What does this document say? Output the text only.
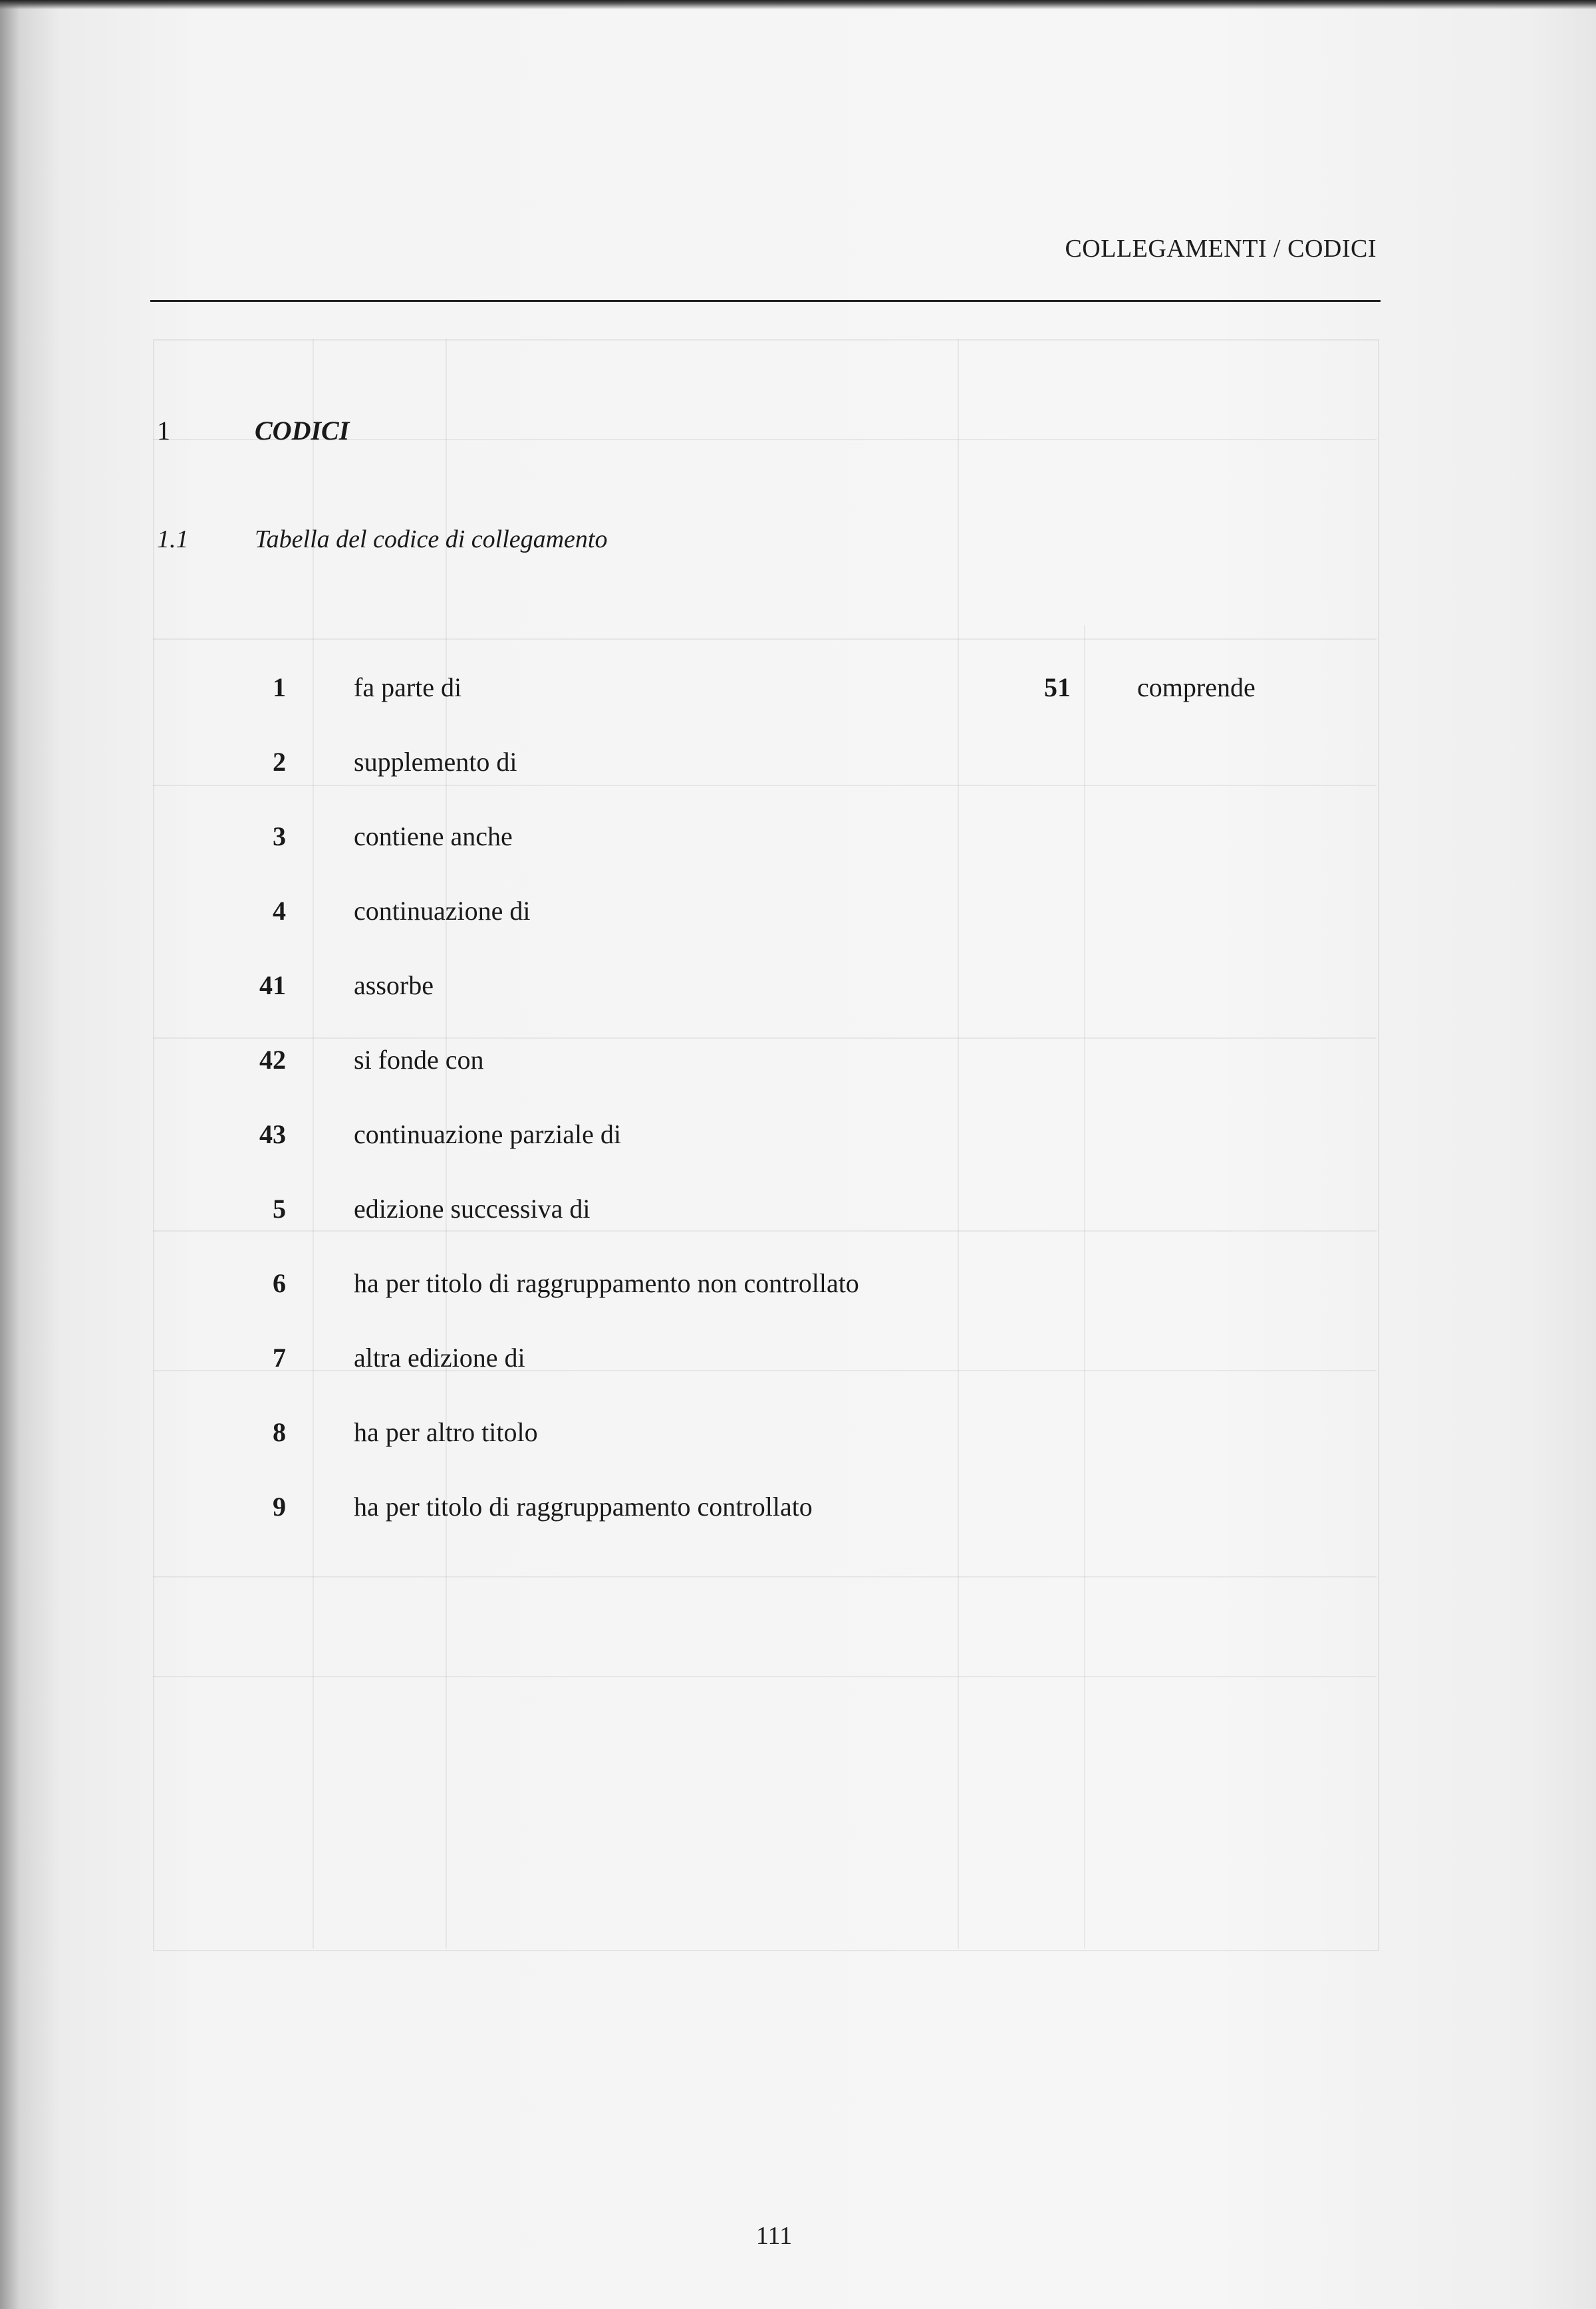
COLLEGAMENTI / CODICI
1	CODICI
1.1	Tabella del codice di collegamento
1	fa parte di	51	comprende
2	supplemento di
3	contiene anche
4	continuazione di
41	assorbe
42	si fonde con
43	continuazione parziale di
5	edizione successiva di
6	ha per titolo di raggruppamento non controllato
7	altra edizione di
8	ha per altro titolo
9	ha per titolo di raggruppamento controllato
111
